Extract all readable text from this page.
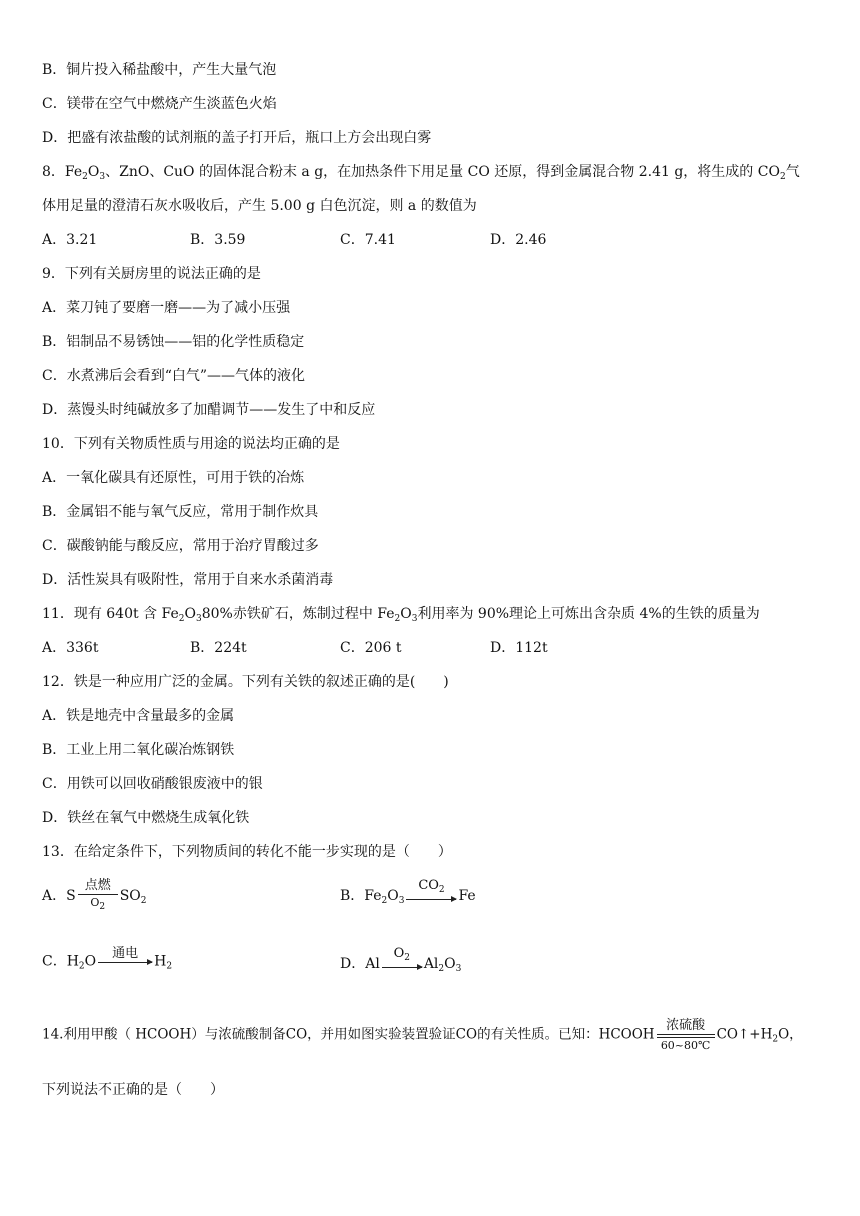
B．铜片投入稀盐酸中，产生大量气泡
C．镁带在空气中燃烧产生淡蓝色火焰
D．把盛有浓盐酸的试剂瓶的盖子打开后，瓶口上方会出现白雾
8．$Fe_2O_3$、ZnO、CuO 的固体混合粉末 a g，在加热条件下用足量 CO 还原，得到金属混合物 2.41 g，将生成的 $CO_2$气
体用足量的澄清石灰水吸收后，产生 5.00 g 白色沉淀，则 a 的数值为
A．3.21	B．3.59	C．7.41	D．2.46
9．下列有关厨房里的说法正确的是
A．菜刀钝了要磨一磨——为了减小压强
B．铝制品不易锈蚀——铝的化学性质稳定
C．水煮沸后会看到“白气”——气体的液化
D．蒸馒头时纯碱放多了加醋调节——发生了中和反应
10．下列有关物质性质与用途的说法均正确的是
A．一氧化碳具有还原性，可用于铁的冶炼
B．金属铝不能与氧气反应，常用于制作炊具
C．碳酸钠能与酸反应，常用于治疗胃酸过多
D．活性炭具有吸附性，常用于自来水杀菌消毒
11．现有 640t 含 $Fe_2O_380\%$赤铁矿石，炼制过程中 $Fe_2O_3$利用率为 90%理论上可炼出含杂质 4%的生铁的质量为
A．336t	B．224t	C．206 t	D．112t
12．铁是一种应用广泛的金属。下列有关铁的叙述正确的是(　　)
A．铁是地壳中含量最多的金属
B．工业上用二氧化碳冶炼钢铁
C．用铁可以回收硝酸银废液中的银
D．铁丝在氧气中燃烧生成氧化铁
13．在给定条件下，下列物质间的转化不能一步实现的是（　　）
A．S
点燃
$O_2$
$SO_2$	B．$Fe_2O_3$
$CO_2$ Fe
C．$H_2O$	通电	$H_2$	D．Al
$O_2$ $Al_2O_3$
14.利用甲酸（ HCOOH）与浓硫酸制备CO，并用如图实验装置验证CO的有关性质。已知：HCOOH
浓硫酸
60~80℃
$CO↑+H_2O$，
下列说法不正确的是（　　）
